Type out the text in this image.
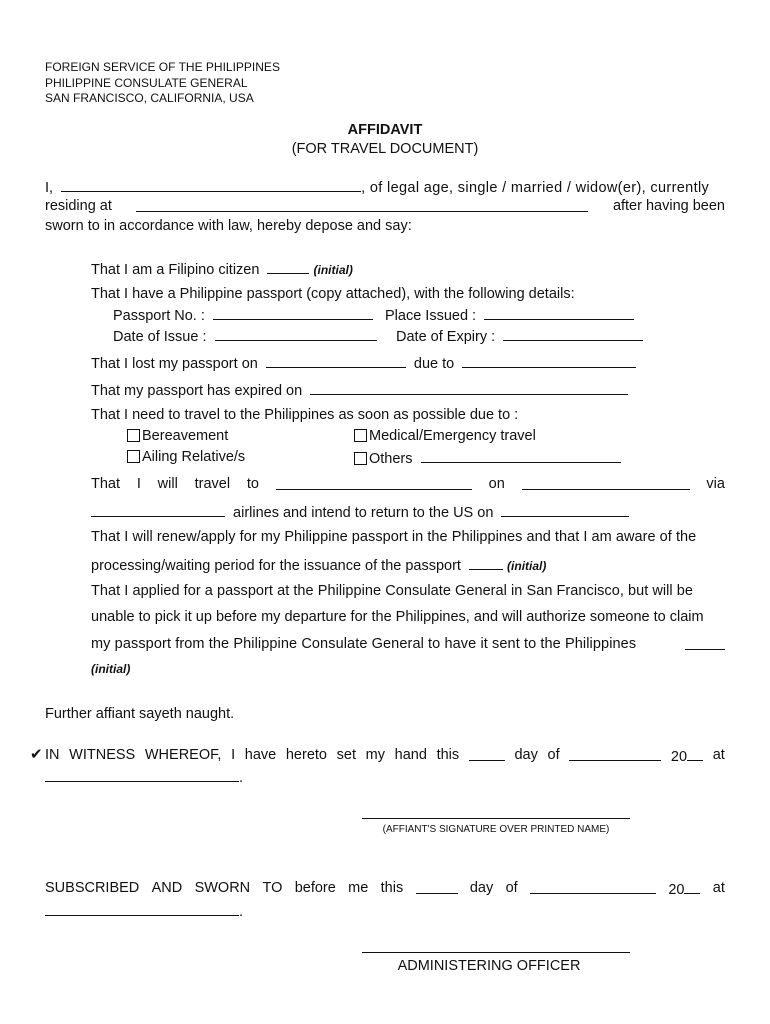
FOREIGN SERVICE OF THE PHILIPPINES
PHILIPPINE CONSULATE GENERAL
SAN FRANCISCO, CALIFORNIA, USA
AFFIDAVIT
(FOR TRAVEL DOCUMENT)
I,	, of legal age, single / married / widow(er), currently
residing at	after having been
sworn to in accordance with law, hereby depose and say:
That I am a Filipino citizen	(initial)
That I have a Philippine passport (copy attached), with the following details:
Passport No. :	Place Issued :
Date of Issue :	Date of Expiry :
That I lost my passport on	due to
That my passport has expired on
That I need to travel to the Philippines as soon as possible due to :
Bereavement	Medical/Emergency travel
Ailing Relative/s	Others
That I will travel to	on	via
airlines and intend to return to the US on
That I will renew/apply for my Philippine passport in the Philippines and that I am aware of the
processing/waiting period for the issuance of the passport	(initial)
That I applied for a passport at the Philippine Consulate General in San Francisco, but will be
unable to pick it up before my departure for the Philippines, and will authorize someone to claim
my passport from the Philippine Consulate General to have it sent to the Philippines
(initial)
Further affiant sayeth naught.
✔ IN WITNESS WHEREOF, I have hereto set my hand this	day of	20	at
.
(AFFIANT'S SIGNATURE OVER PRINTED NAME)
SUBSCRIBED AND SWORN TO before me this	day of	20	at
.
ADMINISTERING OFFICER
